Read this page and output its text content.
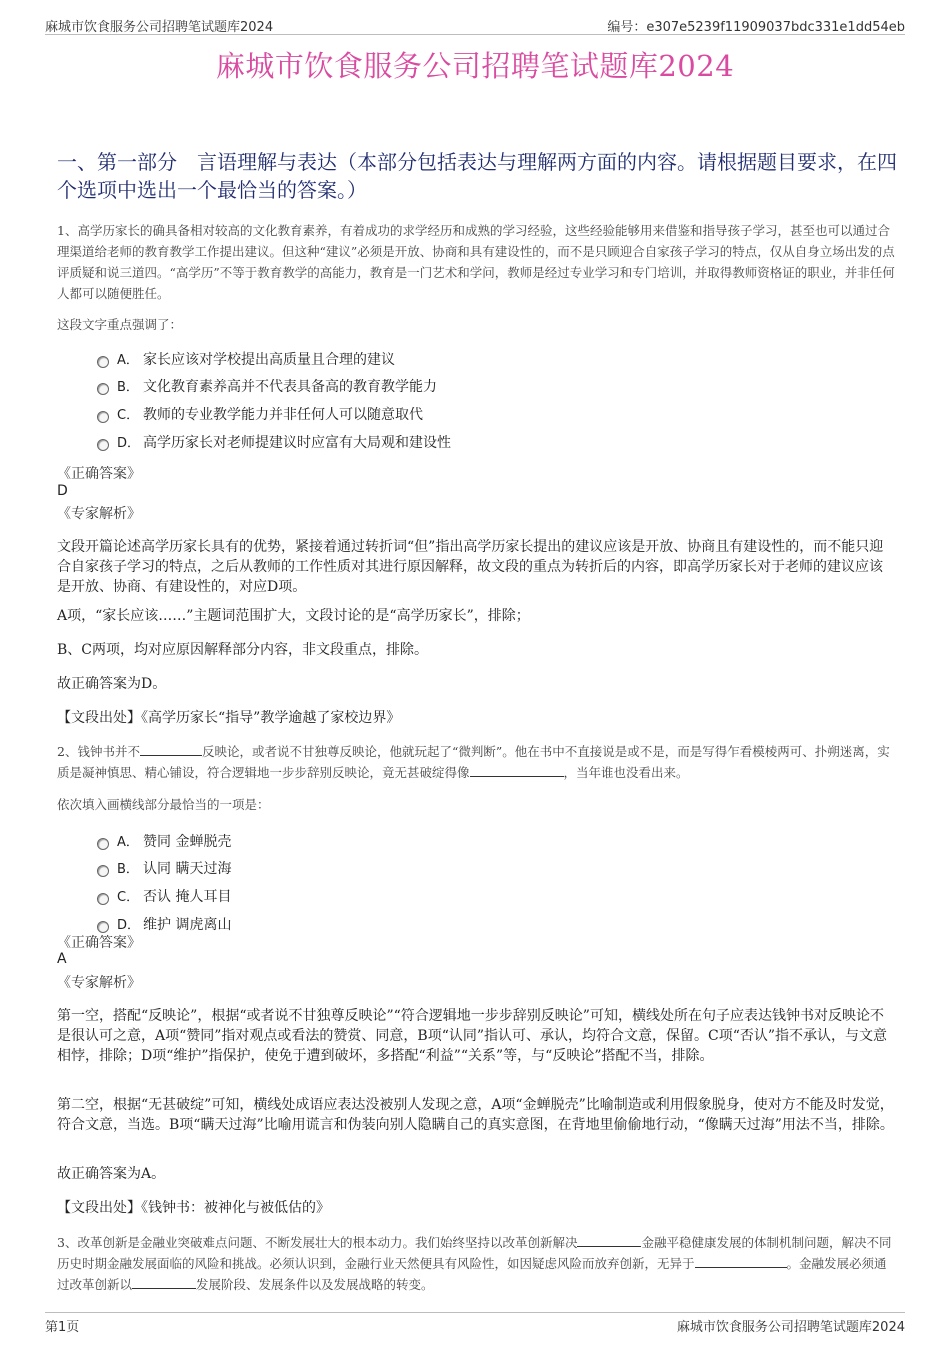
麻城市饮食服务公司招聘笔试题库2024	编号：e307e5239f11909037bdc331e1dd54eb
麻城市饮食服务公司招聘笔试题库2024
一、第一部分　言语理解与表达（本部分包括表达与理解两方面的内容。请根据题目要求，在四个选项中选出一个最恰当的答案。）
1、高学历家长的确具备相对较高的文化教育素养，有着成功的求学经历和成熟的学习经验，这些经验能够用来借鉴和指导孩子学习，甚至也可以通过合理渠道给老师的教育教学工作提出建议。但这种“建议”必须是开放、协商和具有建设性的，而不是只顾迎合自家孩子学习的特点，仅从自身立场出发的点评质疑和说三道四。“高学历”不等于教育教学的高能力，教育是一门艺术和学问，教师是经过专业学习和专门培训，并取得教师资格证的职业，并非任何人都可以随便胜任。
这段文字重点强调了：
A． 家长应该对学校提出高质量且合理的建议
B． 文化教育素养高并不代表具备高的教育教学能力
C． 教师的专业教学能力并非任何人可以随意取代
D． 高学历家长对老师提建议时应富有大局观和建设性
《正确答案》
D
《专家解析》
文段开篇论述高学历家长具有的优势，紧接着通过转折词“但”指出高学历家长提出的建议应该是开放、协商且有建设性的，而不能只迎合自家孩子学习的特点，之后从教师的工作性质对其进行原因解释，故文段的重点为转折后的内容，即高学历家长对于老师的建议应该是开放、协商、有建设性的，对应D项。
A项，“家长应该……”主题词范围扩大，文段讨论的是“高学历家长”，排除；
B、C两项，均对应原因解释部分内容，非文段重点，排除。
故正确答案为D。
【文段出处】《高学历家长“指导”教学逾越了家校边界》
2、钱钟书并不	反映论，或者说不甘独尊反映论，他就玩起了“微判断”。他在书中不直接说是或不是，而是写得乍看模棱两可、扑朔迷离，实质是凝神慎思、精心铺设，符合逻辑地一步步辞别反映论，竟无甚破绽得像	，当年谁也没看出来。
依次填入画横线部分最恰当的一项是：
A． 赞同 金蝉脱壳
B． 认同 瞒天过海
C． 否认 掩人耳目
D． 维护 调虎离山
《正确答案》
A
《专家解析》
第一空，搭配“反映论”，根据“或者说不甘独尊反映论”“符合逻辑地一步步辞别反映论”可知，横线处所在句子应表达钱钟书对反映论不是很认可之意，A项“赞同”指对观点或看法的赞赏、同意，B项“认同”指认可、承认，均符合文意，保留。C项“否认”指不承认，与文意相悖，排除；D项“维护”指保护，使免于遭到破坏，多搭配“利益”“关系”等，与“反映论”搭配不当，排除。
第二空，根据“无甚破绽”可知，横线处成语应表达没被别人发现之意，A项“金蝉脱壳”比喻制造或利用假象脱身，使对方不能及时发觉，符合文意，当选。B项“瞒天过海”比喻用谎言和伪装向别人隐瞒自己的真实意图，在背地里偷偷地行动，“像瞒天过海”用法不当，排除。
故正确答案为A。
【文段出处】《钱钟书：被神化与被低估的》
3、改革创新是金融业突破难点问题、不断发展壮大的根本动力。我们始终坚持以改革创新解决	金融平稳健康发展的体制机制问题，解决不同历史时期金融发展面临的风险和挑战。必须认识到，金融行业天然便具有风险性，如因疑虑风险而放弃创新，无异于	。金融发展必须通过改革创新以	发展阶段、发展条件以及发展战略的转变。
第1页	麻城市饮食服务公司招聘笔试题库2024
